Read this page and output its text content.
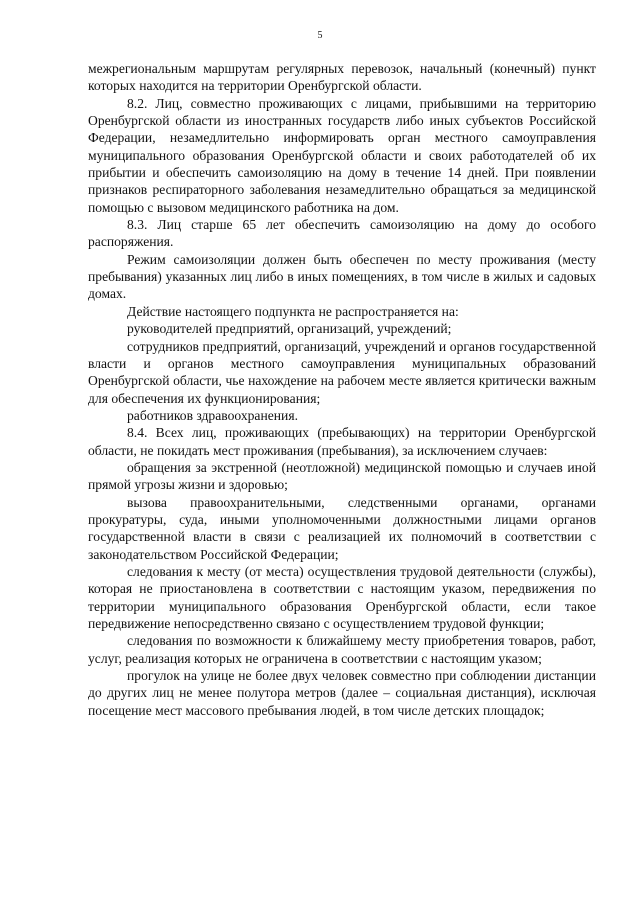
5

межрегиональным маршрутам регулярных перевозок, начальный (конечный) пункт которых находится на территории Оренбургской области.

8.2. Лиц, совместно проживающих с лицами, прибывшими на территорию Оренбургской области из иностранных государств либо иных субъектов Российской Федерации, незамедлительно информировать орган местного самоуправления муниципального образования Оренбургской области и своих работодателей об их прибытии и обеспечить самоизоляцию на дому в течение 14 дней. При появлении признаков респираторного заболевания незамедлительно обращаться за медицинской помощью с вызовом медицинского работника на дом.

8.3. Лиц старше 65 лет обеспечить самоизоляцию на дому до особого распоряжения.

Режим самоизоляции должен быть обеспечен по месту проживания (месту пребывания) указанных лиц либо в иных помещениях, в том числе в жилых и садовых домах.

Действие настоящего подпункта не распространяется на:

руководителей предприятий, организаций, учреждений;

сотрудников предприятий, организаций, учреждений и органов государственной власти и органов местного самоуправления муниципальных образований Оренбургской области, чье нахождение на рабочем месте является критически важным для обеспечения их функционирования;

работников здравоохранения.

8.4. Всех лиц, проживающих (пребывающих) на территории Оренбургской области, не покидать мест проживания (пребывания), за исключением случаев:

обращения за экстренной (неотложной) медицинской помощью и случаев иной прямой угрозы жизни и здоровью;

вызова правоохранительными, следственными органами, органами прокуратуры, суда, иными уполномоченными должностными лицами органов государственной власти в связи с реализацией их полномочий в соответствии с законодательством Российской Федерации;

следования к месту (от места) осуществления трудовой деятельности (службы), которая не приостановлена в соответствии с настоящим указом, передвижения по территории муниципального образования Оренбургской области, если такое передвижение непосредственно связано с осуществлением трудовой функции;

следования по возможности к ближайшему месту приобретения товаров, работ, услуг, реализация которых не ограничена в соответствии с настоящим указом;

прогулок на улице не более двух человек совместно при соблюдении дистанции до других лиц не менее полутора метров (далее – социальная дистанция), исключая посещение мест массового пребывания людей, в том числе детских площадок;
